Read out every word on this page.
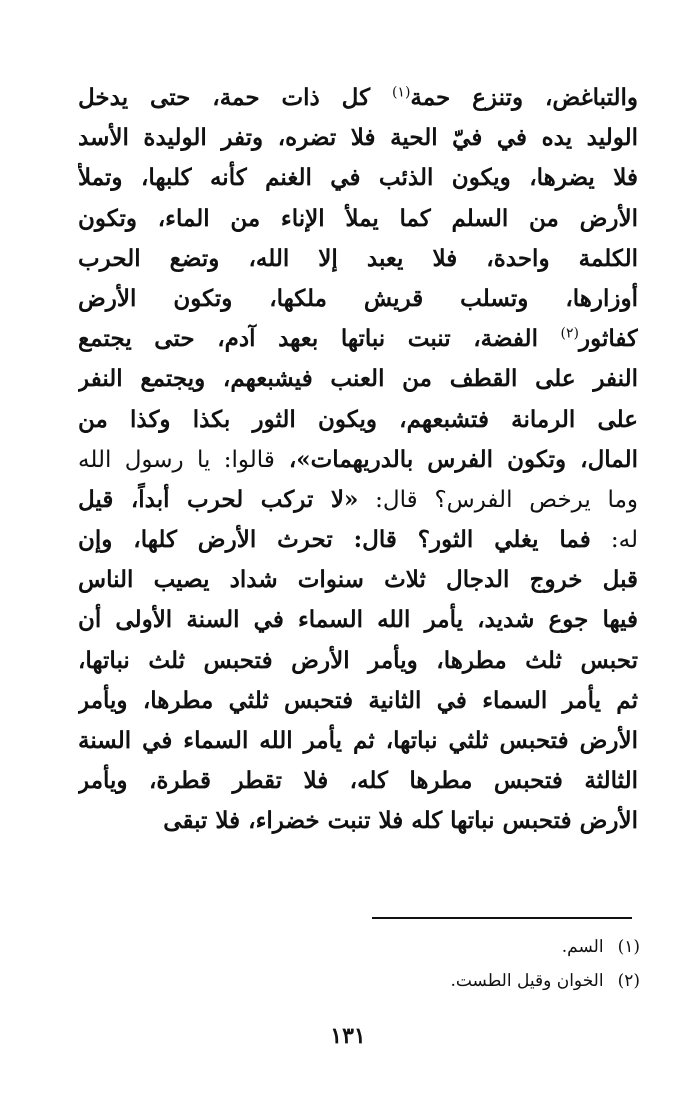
والتباغض، وتنزع حمة$^{(١)}$ كل ذات حمة، حتى يدخل
الوليد يده في فيّ الحية فلا تضره، وتفر الوليدة الأسد
فلا يضرها، ويكون الذئب في الغنم كأنه كلبها، وتملأ
الأرض من السلم كما يملأ الإناء من الماء، وتكون
الكلمة واحدة، فلا يعبد إلا الله، وتضع الحرب
أوزارها، وتسلب قريش ملكها، وتكون الأرض
كفاثور$^{(٢)}$ الفضة، تنبت نباتها بعهد آدم، حتى يجتمع
النفر على القطف من العنب فيشبعهم، ويجتمع النفر
على الرمانة فتشبعهم، ويكون الثور بكذا وكذا من
المال، وتكون الفرس بالدريهمات»، قالوا: يا رسول الله
وما يرخص الفرس؟ قال: «لا تركب لحرب أبداً، قيل
له: فما يغلي الثور؟ قال: تحرث الأرض كلها، وإن
قبل خروج الدجال ثلاث سنوات شداد يصيب الناس
فيها جوع شديد، يأمر الله السماء في السنة الأولى أن
تحبس ثلث مطرها، ويأمر الأرض فتحبس ثلث نباتها،
ثم يأمر السماء في الثانية فتحبس ثلثي مطرها، ويأمر
الأرض فتحبس ثلثي نباتها، ثم يأمر الله السماء في السنة
الثالثة فتحبس مطرها كله، فلا تقطر قطرة، ويأمر
الأرض فتحبس نباتها كله فلا تنبت خضراء، فلا تبقى
(١)السم.
(٢)الخوان وقيل الطست.
١٣١
